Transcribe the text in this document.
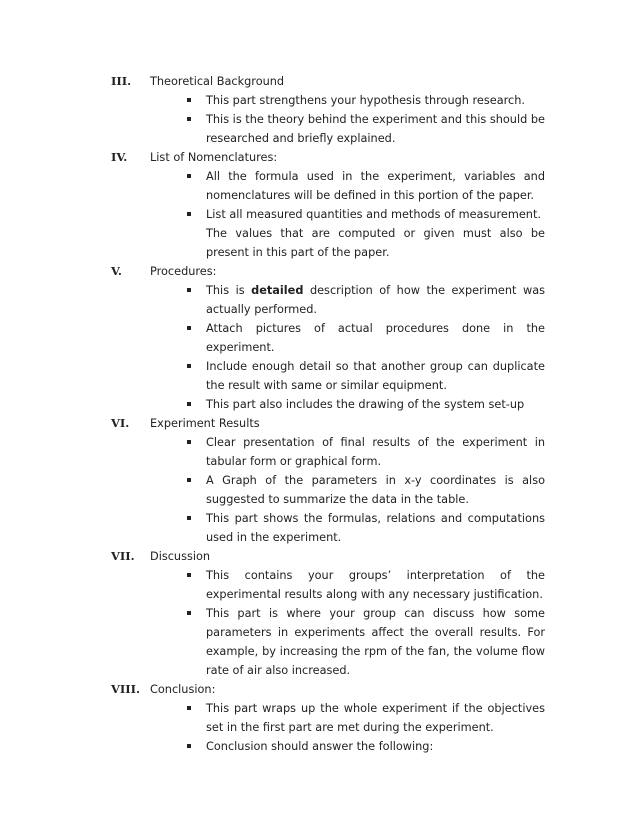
III. Theoretical Background
This part strengthens your hypothesis through research.
This is the theory behind the experiment and this should be researched and briefly explained.
IV. List of Nomenclatures:
All the formula used in the experiment, variables and nomenclatures will be defined in this portion of the paper.
List all measured quantities and methods of measurement.
The values that are computed or given must also be present in this part of the paper.
V. Procedures:
This is detailed description of how the experiment was actually performed.
Attach pictures of actual procedures done in the experiment.
Include enough detail so that another group can duplicate the result with same or similar equipment.
This part also includes the drawing of the system set-up
VI. Experiment Results
Clear presentation of final results of the experiment in tabular form or graphical form.
A Graph of the parameters in x-y coordinates is also suggested to summarize the data in the table.
This part shows the formulas, relations and computations used in the experiment.
VII. Discussion
This contains your groups’ interpretation of the experimental results along with any necessary justification.
This part is where your group can discuss how some parameters in experiments affect the overall results. For example, by increasing the rpm of the fan, the volume flow rate of air also increased.
VIII. Conclusion:
This part wraps up the whole experiment if the objectives set in the first part are met during the experiment.
Conclusion should answer the following:
